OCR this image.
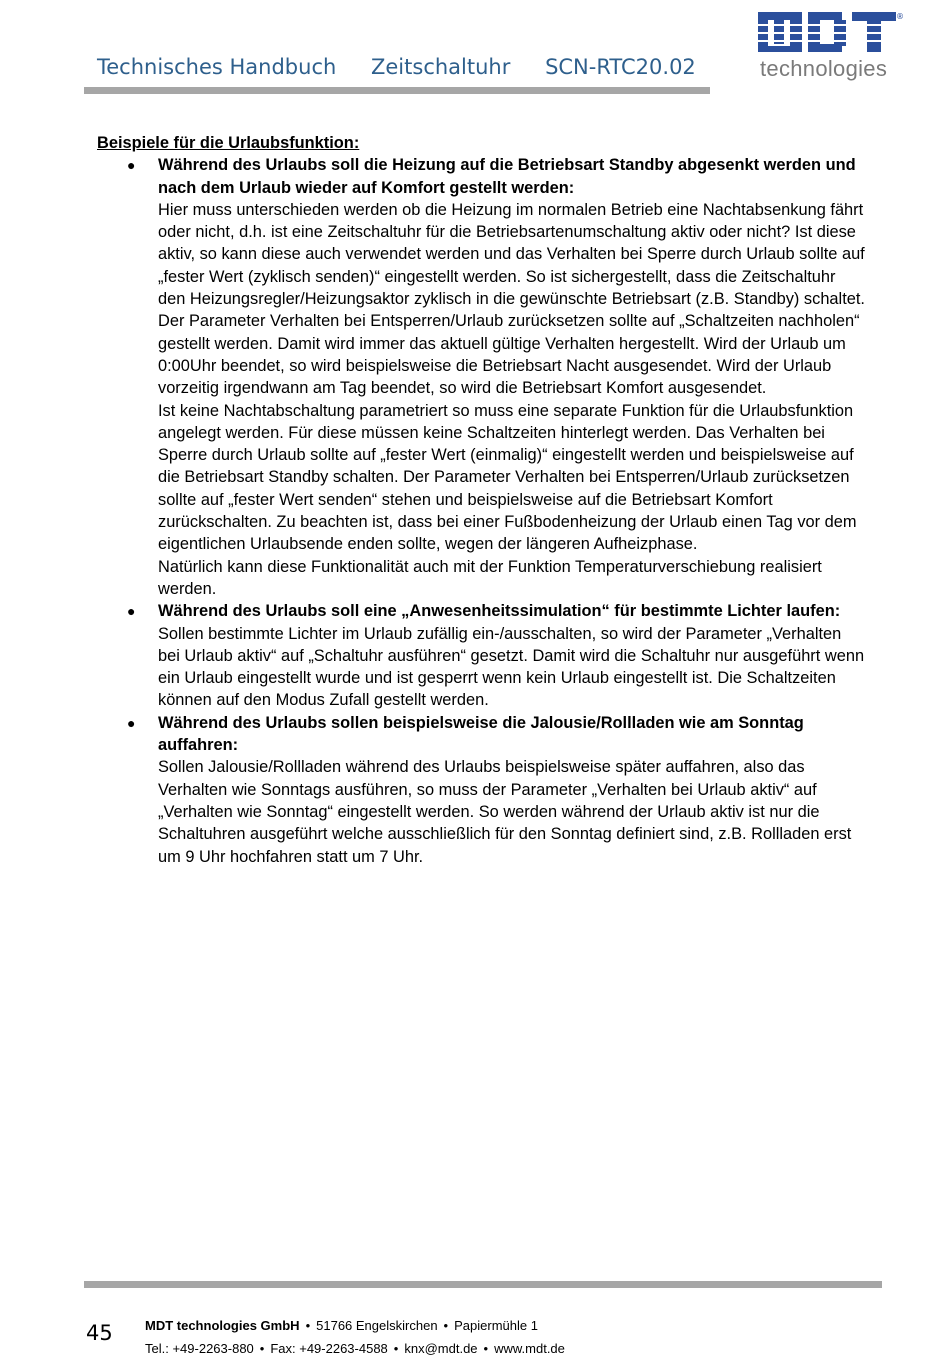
Technisches Handbuch Zeitschaltuhr SCN-RTC20.02
®
technologies

Beispiele für die Urlaubsfunktion:

● Während des Urlaubs soll die Heizung auf die Betriebsart Standby abgesenkt werden und nach dem Urlaub wieder auf Komfort gestellt werden:

Hier muss unterschieden werden ob die Heizung im normalen Betrieb eine Nachtabsenkung fährt oder nicht, d.h. ist eine Zeitschaltuhr für die Betriebsartenumschaltung aktiv oder nicht? Ist diese aktiv, so kann diese auch verwendet werden und das Verhalten bei Sperre durch Urlaub sollte auf „fester Wert (zyklisch senden)“ eingestellt werden. So ist sichergestellt, dass die Zeitschaltuhr den Heizungsregler/Heizungsaktor zyklisch in die gewünschte Betriebsart (z.B. Standby) schaltet.

Der Parameter Verhalten bei Entsperren/Urlaub zurücksetzen sollte auf „Schaltzeiten nachholen“ gestellt werden. Damit wird immer das aktuell gültige Verhalten hergestellt. Wird der Urlaub um 0:00Uhr beendet, so wird beispielsweise die Betriebsart Nacht ausgesendet. Wird der Urlaub vorzeitig irgendwann am Tag beendet, so wird die Betriebsart Komfort ausgesendet.

Ist keine Nachtabschaltung parametriert so muss eine separate Funktion für die Urlaubsfunktion angelegt werden. Für diese müssen keine Schaltzeiten hinterlegt werden. Das Verhalten bei Sperre durch Urlaub sollte auf „fester Wert (einmalig)“ eingestellt werden und beispielsweise auf die Betriebsart Standby schalten. Der Parameter Verhalten bei Entsperren/Urlaub zurücksetzen sollte auf „fester Wert senden“ stehen und beispielsweise auf die Betriebsart Komfort zurückschalten. Zu beachten ist, dass bei einer Fußbodenheizung der Urlaub einen Tag vor dem eigentlichen Urlaubsende enden sollte, wegen der längeren Aufheizphase.

Natürlich kann diese Funktionalität auch mit der Funktion Temperaturverschiebung realisiert werden.

● Während des Urlaubs soll eine „Anwesenheitssimulation“ für bestimmte Lichter laufen:

Sollen bestimmte Lichter im Urlaub zufällig ein-/ausschalten, so wird der Parameter „Verhalten bei Urlaub aktiv“ auf „Schaltuhr ausführen“ gesetzt. Damit wird die Schaltuhr nur ausgeführt wenn ein Urlaub eingestellt wurde und ist gesperrt wenn kein Urlaub eingestellt ist. Die Schaltzeiten können auf den Modus Zufall gestellt werden.

● Während des Urlaubs sollen beispielsweise die Jalousie/Rollladen wie am Sonntag auffahren:

Sollen Jalousie/Rollladen während des Urlaubs beispielsweise später auffahren, also das Verhalten wie Sonntags ausführen, so muss der Parameter „Verhalten bei Urlaub aktiv“ auf „Verhalten wie Sonntag“ eingestellt werden. So werden während der Urlaub aktiv ist nur die Schaltuhren ausgeführt welche ausschließlich für den Sonntag definiert sind, z.B. Rollladen erst um 9 Uhr hochfahren statt um 7 Uhr.

45 MDT technologies GmbH • 51766 Engelskirchen • Papiermühle 1
Tel.: +49-2263-880 • Fax: +49-2263-4588 • knx@mdt.de • www.mdt.de
